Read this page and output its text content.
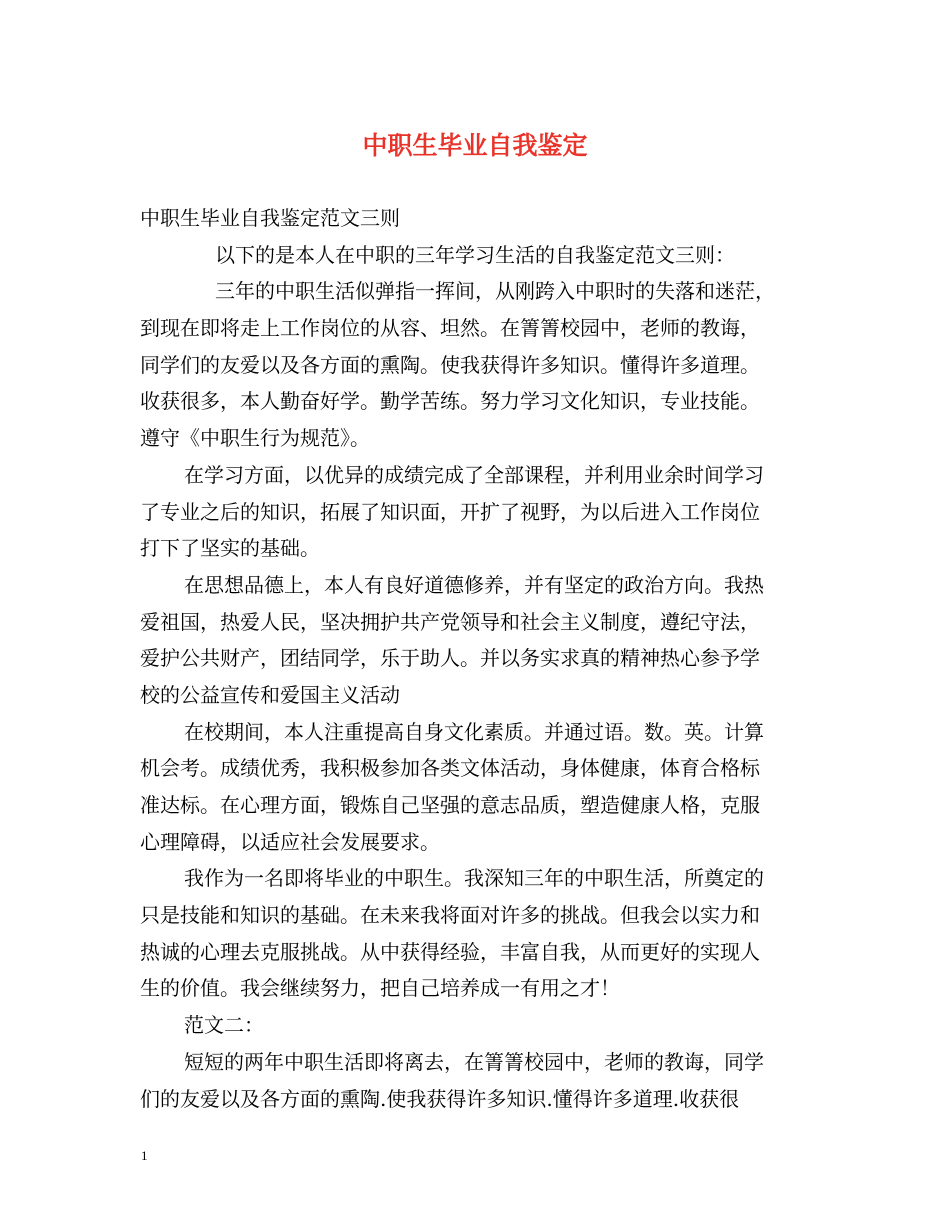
中职生毕业自我鉴定
中职生毕业自我鉴定范文三则
以下的是本人在中职的三年学习生活的自我鉴定范文三则：
三年的中职生活似弹指一挥间，从刚跨入中职时的失落和迷茫，
到现在即将走上工作岗位的从容、坦然。在箐箐校园中，老师的教诲，
同学们的友爱以及各方面的熏陶。使我获得许多知识。懂得许多道理。
收获很多，本人勤奋好学。勤学苦练。努力学习文化知识，专业技能。
遵守《中职生行为规范》。
在学习方面，以优异的成绩完成了全部课程，并利用业余时间学习
了专业之后的知识，拓展了知识面，开扩了视野，为以后进入工作岗位
打下了坚实的基础。
在思想品德上，本人有良好道德修养，并有坚定的政治方向。我热
爱祖国，热爱人民，坚决拥护共产党领导和社会主义制度，遵纪守法，
爱护公共财产，团结同学，乐于助人。并以务实求真的精神热心参予学
校的公益宣传和爱国主义活动
在校期间，本人注重提高自身文化素质。并通过语。数。英。计算
机会考。成绩优秀，我积极参加各类文体活动，身体健康，体育合格标
准达标。在心理方面，锻炼自己坚强的意志品质，塑造健康人格，克服
心理障碍，以适应社会发展要求。
我作为一名即将毕业的中职生。我深知三年的中职生活，所奠定的
只是技能和知识的基础。在未来我将面对许多的挑战。但我会以实力和
热诚的心理去克服挑战。从中获得经验，丰富自我，从而更好的实现人
生的价值。我会继续努力，把自己培养成一有用之才！
范文二：
短短的两年中职生活即将离去，在箐箐校园中，老师的教诲，同学
们的友爱以及各方面的熏陶.使我获得许多知识.懂得许多道理.收获很
1
